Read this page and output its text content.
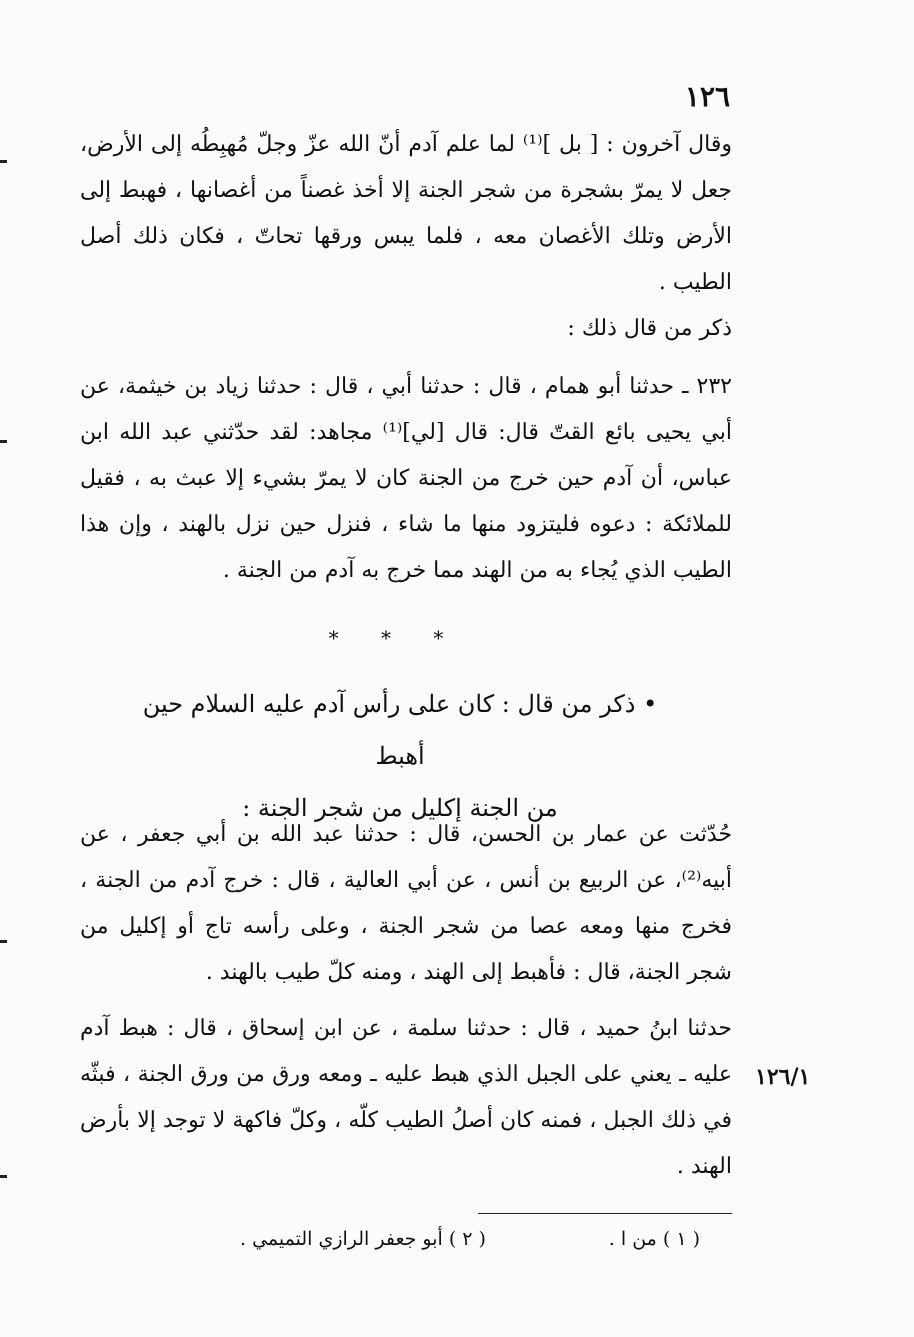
١٢٦
وقال آخرون : [ بل ]⁽¹⁾ لما علم آدم أنّ الله عزّ وجلّ مُهبِطُه إلى الأرض، جعل لا يمرّ بشجرة من شجر الجنة إلا أخذ غصناً من أغصانها ، فهبط إلى الأرض وتلك الأغصان معه ، فلما يبس ورقها تحاتّ ، فكان ذلك أصل الطيب .
ذكر من قال ذلك :
٢٣٢ ـ حدثنا أبو همام ، قال : حدثنا أبي ، قال : حدثنا زياد بن خيثمة، عن أبي يحيى بائع القتّ قال: قال [لي]⁽¹⁾ مجاهد: لقد حدّثني عبد الله ابن عباس، أن آدم حين خرج من الجنة كان لا يمرّ بشيء إلا عبث به ، فقيل للملائكة : دعوه فليتزود منها ما شاء ، فنزل حين نزل بالهند ، وإن هذا الطيب الذي يُجاء به من الهند مما خرج به آدم من الجنة .
* * *
• ذكر من قال : كان على رأس آدم عليه السلام حين أهبط
من الجنة إكليل من شجر الجنة :
حُدّثت عن عمار بن الحسن، قال : حدثنا عبد الله بن أبي جعفر ، عن أبيه⁽²⁾، عن الربيع بن أنس ، عن أبي العالية ، قال : خرج آدم من الجنة ، فخرج منها ومعه عصا من شجر الجنة ، وعلى رأسه تاج أو إكليل من شجر الجنة، قال : فأهبط إلى الهند ، ومنه كلّ طيب بالهند .
حدثنا ابنُ حميد ، قال : حدثنا سلمة ، عن ابن إسحاق ، قال : هبط آدم عليه ـ يعني على الجبل الذي هبط عليه ـ ومعه ورق من ورق الجنة ، فبثّه في ذلك الجبل ، فمنه كان أصلُ الطيب كلّه ، وكلّ فاكهة لا توجد إلا بأرض الهند .
١٢٦/١
( ١ ) من ا .
( ٢ ) أبو جعفر الرازي التميمي .
